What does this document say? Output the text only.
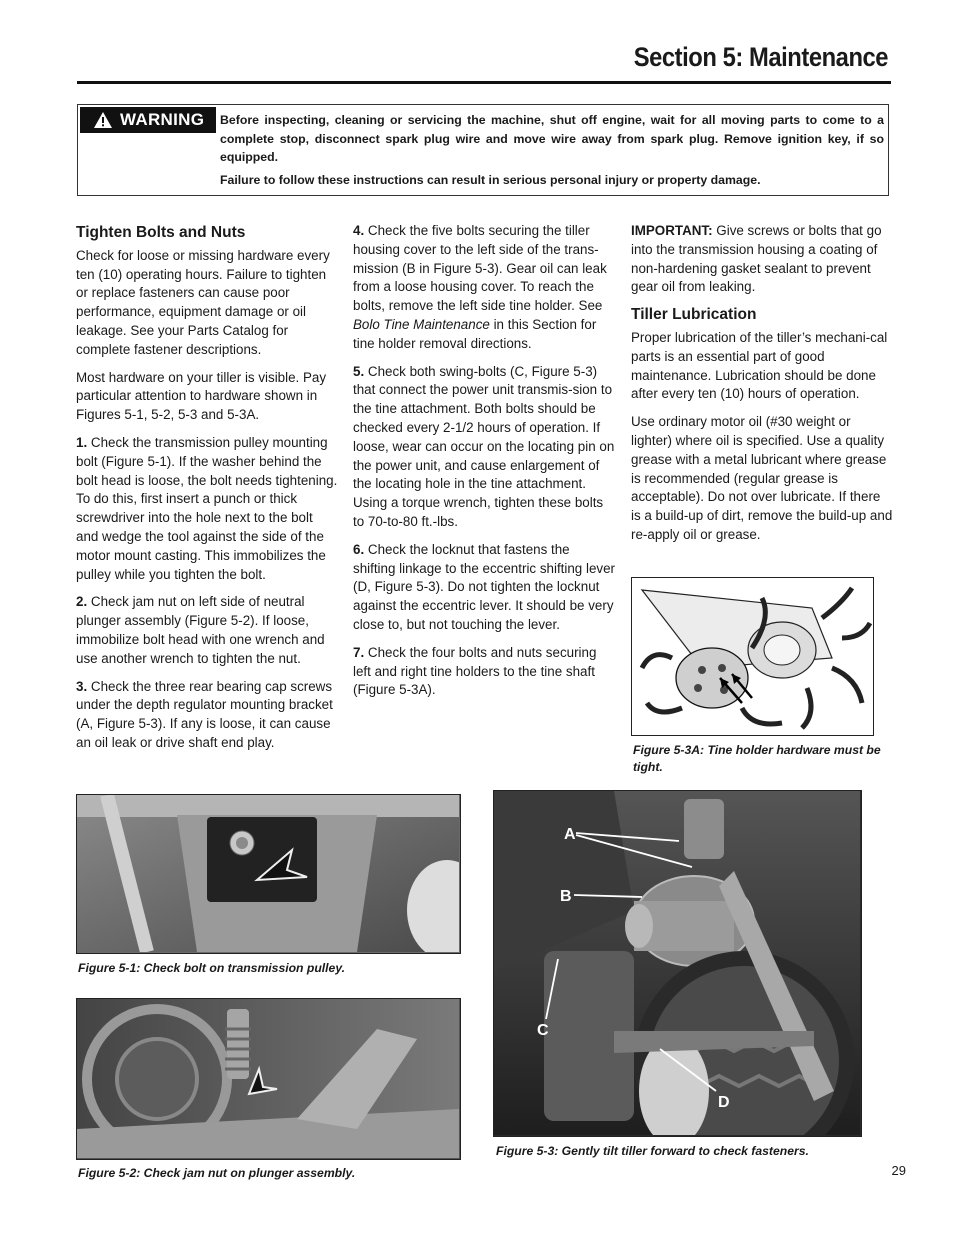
Section 5: Maintenance
WARNING Before inspecting, cleaning or servicing the machine, shut off engine, wait for all moving parts to come to a complete stop, disconnect spark plug wire and move wire away from spark plug. Remove ignition key, if so equipped.

Failure to follow these instructions can result in serious personal injury or property damage.

Tighten Bolts and Nuts

Check for loose or missing hardware every ten (10) operating hours. Failure to tighten or replace fasteners can cause poor performance, equipment damage or oil leakage. See your Parts Catalog for complete fastener descriptions.

Most hardware on your tiller is visible. Pay particular attention to hardware shown in Figures 5-1, 5-2, 5-3 and 5-3A.

1. Check the transmission pulley mounting bolt (Figure 5-1). If the washer behind the bolt head is loose, the bolt needs tightening. To do this, first insert a punch or thick screwdriver into the hole next to the bolt and wedge the tool against the side of the motor mount casting. This immobilizes the pulley while you tighten the bolt.

2. Check jam nut on left side of neutral plunger assembly (Figure 5-2). If loose, immobilize bolt head with one wrench and use another wrench to tighten the nut.

3. Check the three rear bearing cap screws under the depth regulator mounting bracket (A, Figure 5-3). If any is loose, it can cause an oil leak or drive shaft end play.

4. Check the five bolts securing the tiller housing cover to the left side of the trans-mission (B in Figure 5-3). Gear oil can leak from a loose housing cover. To reach the bolts, remove the left side tine holder. See Bolo Tine Maintenance in this Section for tine holder removal directions.

5. Check both swing-bolts (C, Figure 5-3) that connect the power unit transmis-sion to the tine attachment. Both bolts should be checked every 2-1/2 hours of operation. If loose, wear can occur on the locating pin on the power unit, and cause enlargement of the locating hole in the tine attachment. Using a torque wrench, tighten these bolts to 70-to-80 ft.-lbs.

6. Check the locknut that fastens the shifting linkage to the eccentric shifting lever (D, Figure 5-3). Do not tighten the locknut against the eccentric lever. It should be very close to, but not touching the lever.

7. Check the four bolts and nuts securing left and right tine holders to the tine shaft (Figure 5-3A).

IMPORTANT: Give screws or bolts that go into the transmission housing a coating of non-hardening gasket sealant to prevent gear oil from leaking.

Tiller Lubrication

Proper lubrication of the tiller’s mechani-cal parts is an essential part of good maintenance. Lubrication should be done after every ten (10) hours of operation.

Use ordinary motor oil (#30 weight or lighter) where oil is specified. Use a quality grease with a metal lubricant where grease is recommended (regular grease is acceptable). Do not over lubricate. If there is a build-up of dirt, remove the build-up and re-apply oil or grease.

Figure 5-3A: Tine holder hardware must be tight.
Figure 5-1: Check bolt on transmission pulley.
Figure 5-2: Check jam nut on plunger assembly.
A
B
C
D
Figure 5-3: Gently tilt tiller forward to check fasteners.
29
